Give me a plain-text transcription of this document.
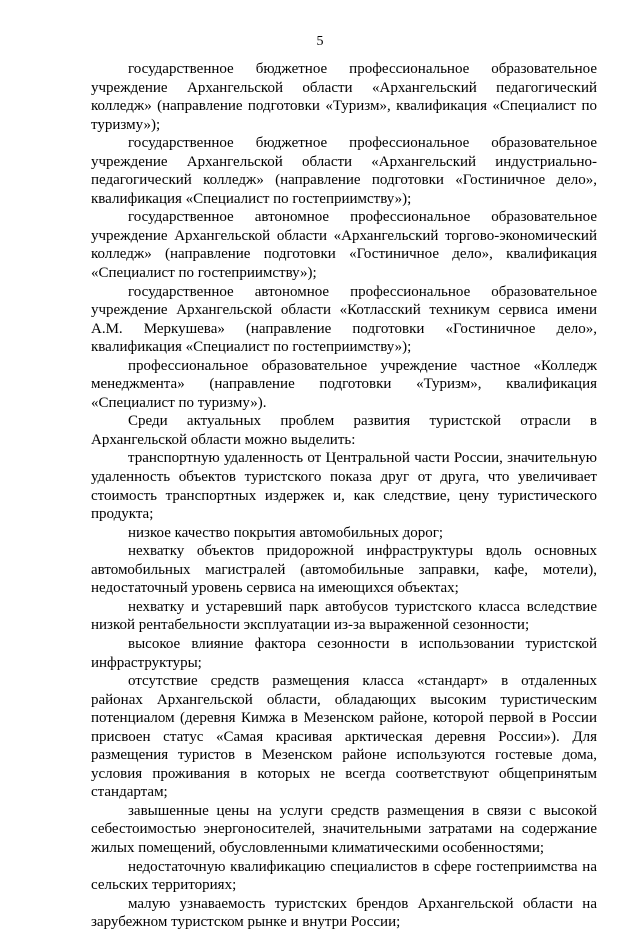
5

государственное бюджетное профессиональное образовательное учреждение Архангельской области «Архангельский педагогический колледж» (направление подготовки «Туризм», квалификация «Специалист по туризму»);

государственное бюджетное профессиональное образовательное учреждение Архангельской области «Архангельский индустриально-педагогический колледж» (направление подготовки «Гостиничное дело», квалификация «Специалист по гостеприимству»);

государственное автономное профессиональное образовательное учреждение Архангельской области «Архангельский торгово-экономический колледж» (направление подготовки «Гостиничное дело», квалификация «Специалист по гостеприимству»);

государственное автономное профессиональное образовательное учреждение Архангельской области «Котласский техникум сервиса имени А.М. Меркушева» (направление подготовки «Гостиничное дело», квалификация «Специалист по гостеприимству»);

профессиональное образовательное учреждение частное «Колледж менеджмента» (направление подготовки «Туризм», квалификация «Специалист по туризму»).

Среди актуальных проблем развития туристской отрасли в Архангельской области можно выделить:

транспортную удаленность от Центральной части России, значительную удаленность объектов туристского показа друг от друга, что увеличивает стоимость транспортных издержек и, как следствие, цену туристического продукта;

низкое качество покрытия автомобильных дорог;

нехватку объектов придорожной инфраструктуры вдоль основных автомобильных магистралей (автомобильные заправки, кафе, мотели), недостаточный уровень сервиса на имеющихся объектах;

нехватку и устаревший парк автобусов туристского класса вследствие низкой рентабельности эксплуатации из-за выраженной сезонности;

высокое влияние фактора сезонности в использовании туристской инфраструктуры;

отсутствие средств размещения класса «стандарт» в отдаленных районах Архангельской области, обладающих высоким туристическим потенциалом (деревня Кимжа в Мезенском районе, которой первой в России присвоен статус «Самая красивая арктическая деревня России»). Для размещения туристов в Мезенском районе используются гостевые дома, условия проживания в которых не всегда соответствуют общепринятым стандартам;

завышенные цены на услуги средств размещения в связи с высокой себестоимостью энергоносителей, значительными затратами на содержание жилых помещений, обусловленными климатическими особенностями;

недостаточную квалификацию специалистов в сфере гостеприимства на сельских территориях;

малую узнаваемость туристских брендов Архангельской области на зарубежном туристском рынке и внутри России;
